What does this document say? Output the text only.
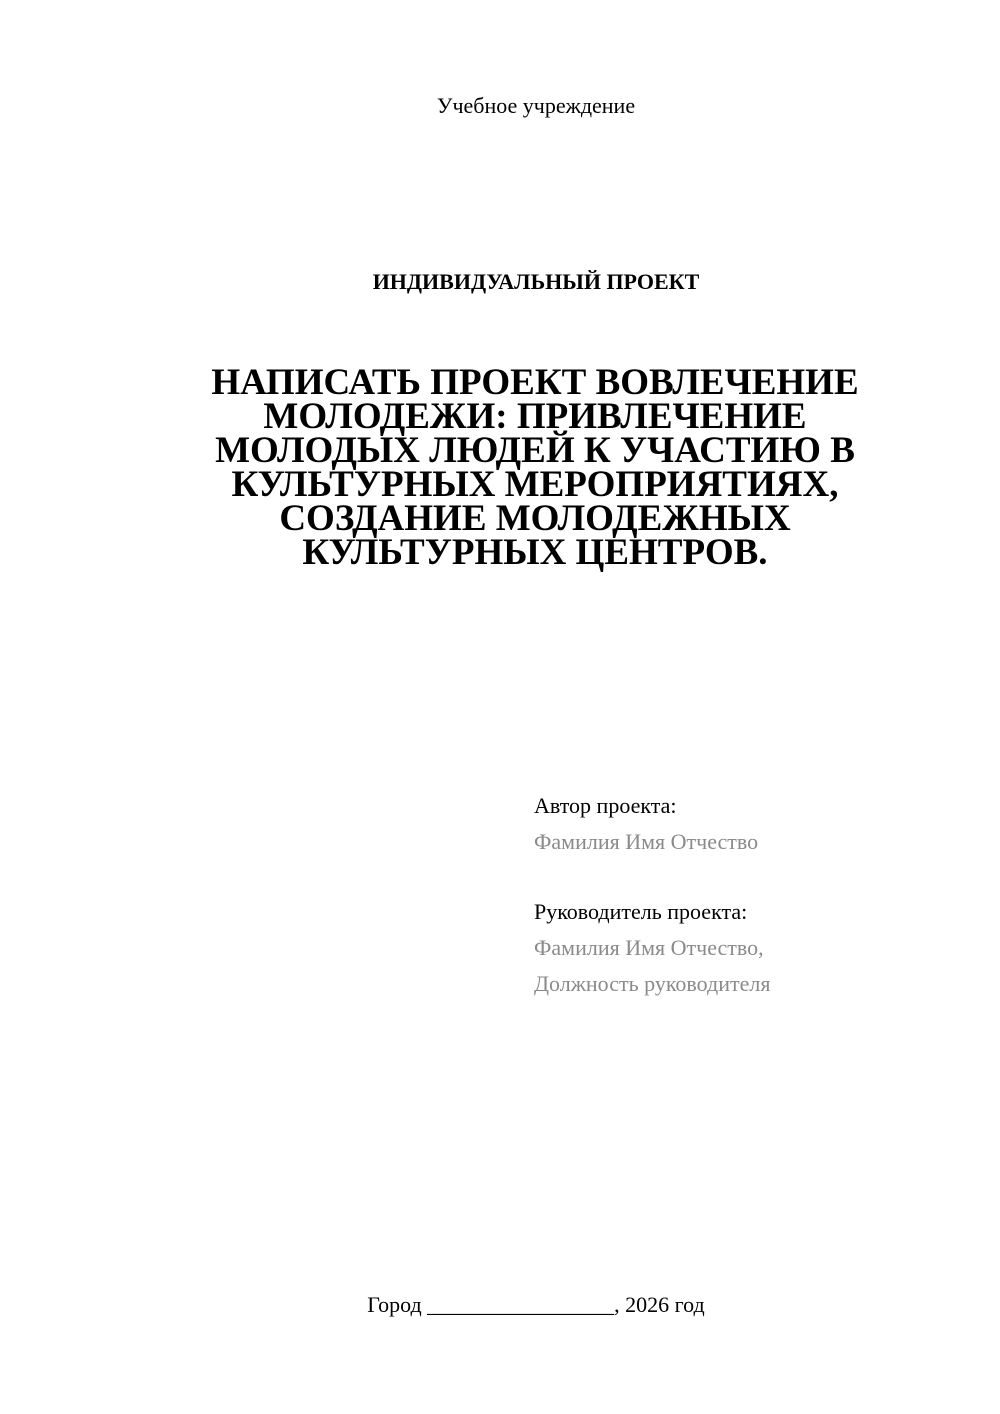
Учебное учреждение
ИНДИВИДУАЛЬНЫЙ ПРОЕКТ
НАПИСАТЬ ПРОЕКТ ВОВЛЕЧЕНИЕ МОЛОДЕЖИ: ПРИВЛЕЧЕНИЕ МОЛОДЫХ ЛЮДЕЙ К УЧАСТИЮ В КУЛЬТУРНЫХ МЕРОПРИЯТИЯХ, СОЗДАНИЕ МОЛОДЕЖНЫХ КУЛЬТУРНЫХ ЦЕНТРОВ.
Автор проекта:
Фамилия Имя Отчество
Руководитель проекта:
Фамилия Имя Отчество,
Должность руководителя
Город _________________, 2026 год
